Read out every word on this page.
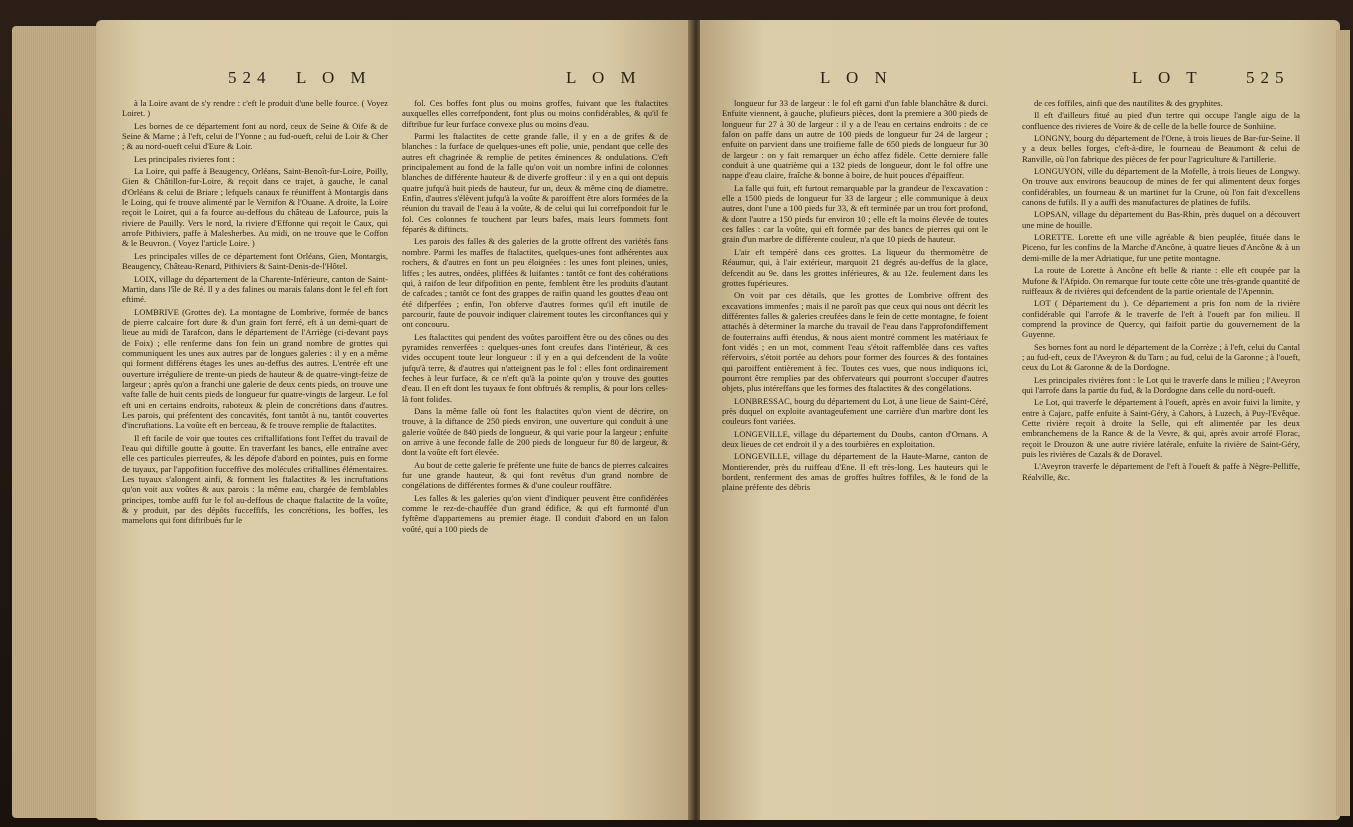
524 L O M	L O M

à la Loire avant de s'y rendre : c'eft le produit d'une belle fource. ( Voyez Loiret. )

Les bornes de ce département font au nord, ceux de Seine & Oife & de Seine & Marne ; à l'eft, celui de l'Yonne ; au fud-oueft, celui de Loir & Cher ; & au nord-oueft celui d'Eure & Loir.

Les principales rivieres font :

La Loire, qui paffe à Beaugency, Orléans, Saint-Benoît-fur-Loire, Poilly, Gien & Châtillon-fur-Loire, & reçoit dans ce trajet, à gauche, le canal d'Orléans & celui de Briare ; lefquels canaux fe réuniffent à Montargis dans le Loing, qui fe trouve alimenté par le Vernifon & l'Ouane. A droite, la Loire reçoit le Loiret, qui a fa fource au-deffous du château de Lafource, puis la riviere de Pauilly. Vers le nord, la riviere d'Effonne qui reçoit le Caux, qui arrofe Pithiviers, paffe à Malesherbes. Au midi, on ne trouve que le Coffon & le Beuvron. ( Voyez l'article Loire. )

Les principales villes de ce département font Orléans, Gien, Montargis, Beaugency, Château-Renard, Pithiviers & Saint-Denis-de-l'Hôtel.

LOIX, village du département de la Charente-Inférieure, canton de Saint-Martin, dans l'île de Ré. Il y a des falines ou marais falans dont le fel eft fort eftimé.

LOMBRIVE (Grottes de). La montagne de Lombrive, formée de bancs de pierre calcaire fort dure & d'un grain fort ferré, eft à un demi-quart de lieue au midi de Tarafcon, dans le département de l'Arriège (ci-devant pays de Foix) ; elle renferme dans fon fein un grand nombre de grottes qui communiquent les unes aux autres par de longues galeries : il y en a même qui forment différens étages les unes au-deffus des autres. L'entrée eft une ouverture irréguliere de trente-un pieds de hauteur & de quatre-vingt-feize de largeur ; après qu'on a franchi une galerie de deux cents pieds, on trouve une vafte falle de huit cents pieds de longueur fur quatre-vingts de largeur. Le fol eft uni en certains endroits, raboteux & plein de concrétions dans d'autres. Les parois, qui préfentent des concavités, font tantôt à nu, tantôt couvertes d'incruftations. La voûte eft en berceau, & fe trouve remplie de ftalactites.

Il eft facile de voir que toutes ces criftallifations font l'effet du travail de l'eau qui diftille goutte à goutte. En traverfant les bancs, elle entraîne avec elle ces particules pierreufes, & les dépofe d'abord en pointes, puis en forme de tuyaux, par l'appofition fucceffive des molécules criftallines élémentaires. Les tuyaux s'alongent ainfi, & forment les ftalactites & les incruftations qu'on voit aux voûtes & aux parois : la même eau, chargée de femblables principes, tombe auffi fur le fol au-deffous de chaque ftalactite de la voûte, & y produit, par des dépôts fucceffifs, les concrétions, les boffes, les mamelons qui font diftribués fur le

fol. Ces boffes font plus ou moins groffes, fuivant que les ftalactites auxquelles elles correfpondent, font plus ou moins confidérables, & qu'il fe diftribue fur leur furface convexe plus ou moins d'eau.

Parmi les ftalactites de cette grande falle, il y en a de grifes & de blanches : la furface de quelques-unes eft polie, unie, pendant que celle des autres eft chagrinée & remplie de petites éminences & ondulations. C'eft principalement au fond de la falle qu'on voit un nombre infini de colonnes blanches de différente hauteur & de diverfe groffeur : il y en a qui ont depuis quatre jufqu'à huit pieds de hauteur, fur un, deux & même cinq de diametre. Enfin, d'autres s'élèvent jufqu'à la voûte & paroiffent être alors formées de la réunion du travail de l'eau à la voûte, & de celui qui lui correfpondoit fur le fol. Ces colonnes fe touchent par leurs bafes, mais leurs fommets font féparés & diftincts.

Les parois des falles & des galeries de la grotte offrent des variétés fans nombre. Parmi les maffes de ftalactites, quelques-unes font adhérentes aux rochers, & d'autres en font un peu éloignées : les unes font pleines, unies, liffes ; les autres, ondées, pliffées & luifantes : tantôt ce font des cohérations qui, à raifon de leur difpofition en pente, femblent être les produits d'autant de cafcades ; tantôt ce font des grappes de raifin quand les gouttes d'eau ont été difperfées ; enfin, l'on obferve d'autres formes qu'il eft inutile de parcourir, faute de pouvoir indiquer clairement toutes les circonftances qui y ont concouru.

Les ftalactites qui pendent des voûtes paroiffent être ou des cônes ou des pyramides renverfées : quelques-unes font creufes dans l'intérieur, & ces vides occupent toute leur longueur : il y en a qui defcendent de la voûte jufqu'à terre, & d'autres qui n'atteignent pas le fol : elles font ordinairement feches à leur furface, & ce n'eft qu'à la pointe qu'on y trouve des gouttes d'eau. Il en eft dont les tuyaux fe font obftrués & remplis, & pour lors celles-là font folides.

Dans la même falle où font les ftalactites qu'on vient de décrire, on trouve, à la diftance de 250 pieds environ, une ouverture qui conduit à une galerie voûtée de 840 pieds de longueur, & qui varie pour la largeur ; enfuite on arrive à une feconde falle de 200 pieds de longueur fur 80 de largeur, & dont la voûte eft fort élevée.

Au bout de cette galerie fe préfente une fuite de bancs de pierres calcaires fur une grande hauteur, & qui font revêtus d'un grand nombre de congélations de différentes formes & d'une couleur rouffâtre.

Les falles & les galeries qu'on vient d'indiquer peuvent être confidérées comme le rez-de-chauffée d'un grand édifice, & qui eft furmonté d'un fyftême d'appartemens au premier étage. Il conduit d'abord en un falon voûté, qui a 100 pieds de

L O N	L O T	525

longueur fur 33 de largeur : le fol eft garni d'un fable blanchâtre & durci. Enfuite viennent, à gauche, plufieurs pièces, dont la premiere a 300 pieds de longueur fur 27 à 30 de largeur : il y a de l'eau en certains endroits : de ce falon on paffe dans un autre de 100 pieds de longueur fur 24 de largeur ; enfuite on parvient dans une troifieme falle de 650 pieds de longueur fur 30 de largeur : on y fait remarquer un écho affez fidèle. Cette derniere falle conduit à une quatrième qui a 132 pieds de longueur, dont le fol offre une nappe d'eau claire, fraîche & bonne à boire, de huit pouces d'épaiffeur.

La falle qui fuit, eft furtout remarquable par la grandeur de l'excavation : elle a 1500 pieds de longueur fur 33 de largeur ; elle communique à deux autres, dont l'une a 100 pieds fur 33, & eft terminée par un trou fort profond, & dont l'autre a 150 pieds fur environ 10 ; elle eft la moins élevée de toutes ces falles : car la voûte, qui eft formée par des bancs de pierres qui ont le grain d'un marbre de différente couleur, n'a que 10 pieds de hauteur.

L'air eft tempéré dans ces grottes. La liqueur du thermomètre de Réaumur, qui, à l'air extérieur, marquoit 21 degrés au-deffus de la glace, defcendit au 9e. dans les grottes inférieures, & au 12e. feulement dans les grottes fupérieures.

On voit par ces détails, que les grottes de Lombrive offrent des excavations immenfes ; mais il ne paroît pas que ceux qui nous ont décrit les différentes falles & galeries creufées dans le fein de cette montagne, fe foient attachés à déterminer la marche du travail de l'eau dans l'approfondiffement de fouterrains auffi étendus, & nous aient montré comment les matériaux fe font vidés ; en un mot, comment l'eau s'étoit raffemblée dans ces vaftes réfervoirs, s'étoit portée au dehors pour former des fources & des fontaines qui paroiffent entièrement à fec. Toutes ces vues, que nous indiquons ici, pourront être remplies par des obfervateurs qui pourront s'occuper d'autres objets, plus intéreffans que les formes des ftalactites & des congélations.

LONBRESSAC, bourg du département du Lot, à une lieue de Saint-Céré, près duquel on exploite avantageufement une carrière d'un marbre dont les couleurs font variées.

LONGEVILLE, village du département du Doubs, canton d'Ornans. A deux lieues de cet endroit il y a des tourbières en exploitation.

LONGEVILLE, village du département de la Haute-Marne, canton de Montierender, près du ruiffeau d'Ene. Il eft très-long. Les hauteurs qui le bordent, renferment des amas de groffes huîtres foffiles, & le fond de la plaine préfente des débris

de ces foffiles, ainfi que des nautilites & des gryphites.

Il eft d'ailleurs fitué au pied d'un tertre qui occupe l'angle aigu de la confluence des rivieres de Voire & de celle de la belle fource de Sonhiine.

LONGNY, bourg du département de l'Orne, à trois lieues de Bar-fur-Seine. Il y a deux belles forges, c'eft-à-dire, le fourneau de Beaumont & celui de Ranville, où l'on fabrique des pièces de fer pour l'agriculture & l'artillerie.

LONGUYON, ville du département de la Mofelle, à trois lieues de Longwy. On trouve aux environs beaucoup de mines de fer qui alimentent deux forges confidérables, un fourneau & un martinet fur la Crune, où l'on fait d'excellens canons de fufils. Il y a auffi des manufactures de platines de fufils.

LOPSAN, village du département du Bas-Rhin, près duquel on a découvert une mine de houille.

LORETTE. Lorette eft une ville agréable & bien peuplée, fituée dans le Piceno, fur les confins de la Marche d'Ancône, à quatre lieues d'Ancône & à un demi-mille de la mer Adriatique, fur une petite montagne.

La route de Lorette à Ancône eft belle & riante : elle eft coupée par la Mufone & l'Afpido. On remarque fur toute cette côte une très-grande quantité de ruiffeaux & de rivières qui defcendent de la partie orientale de l'Apennin.

LOT ( Département du ). Ce département a pris fon nom de la rivière confidérable qui l'arrofe & le traverfe de l'eft à l'oueft par fon milieu. Il comprend la province de Quercy, qui faifoit partie du gouvernement de la Guyenne.

Ses bornes font au nord le département de la Corrèze ; à l'eft, celui du Cantal ; au fud-eft, ceux de l'Aveyron & du Tarn ; au fud, celui de la Garonne ; à l'oueft, ceux du Lot & Garonne & de la Dordogne.

Les principales rivières font : le Lot qui le traverfe dans le milieu ; l'Aveyron qui l'arrofe dans la partie du fud, & la Dordogne dans celle du nord-oueft.

Le Lot, qui traverfe le département à l'oueft, après en avoir fuivi la limite, y entre à Cajarc, paffe enfuite à Saint-Géry, à Cahors, à Luzech, à Puy-l'Evêque. Cette rivière reçoit à droite la Selle, qui eft alimentée par les deux embranchemens de la Rance & de la Vevre, & qui, après avoir arrofé Florac, reçoit le Drouzon & une autre rivière latérale, enfuite la rivière de Saint-Géry, puis les rivières de Cazals & de Doravel.

L'Aveyron traverfe le département de l'eft à l'oueft & paffe à Nègre-Pelliffe, Réalville, &c.
